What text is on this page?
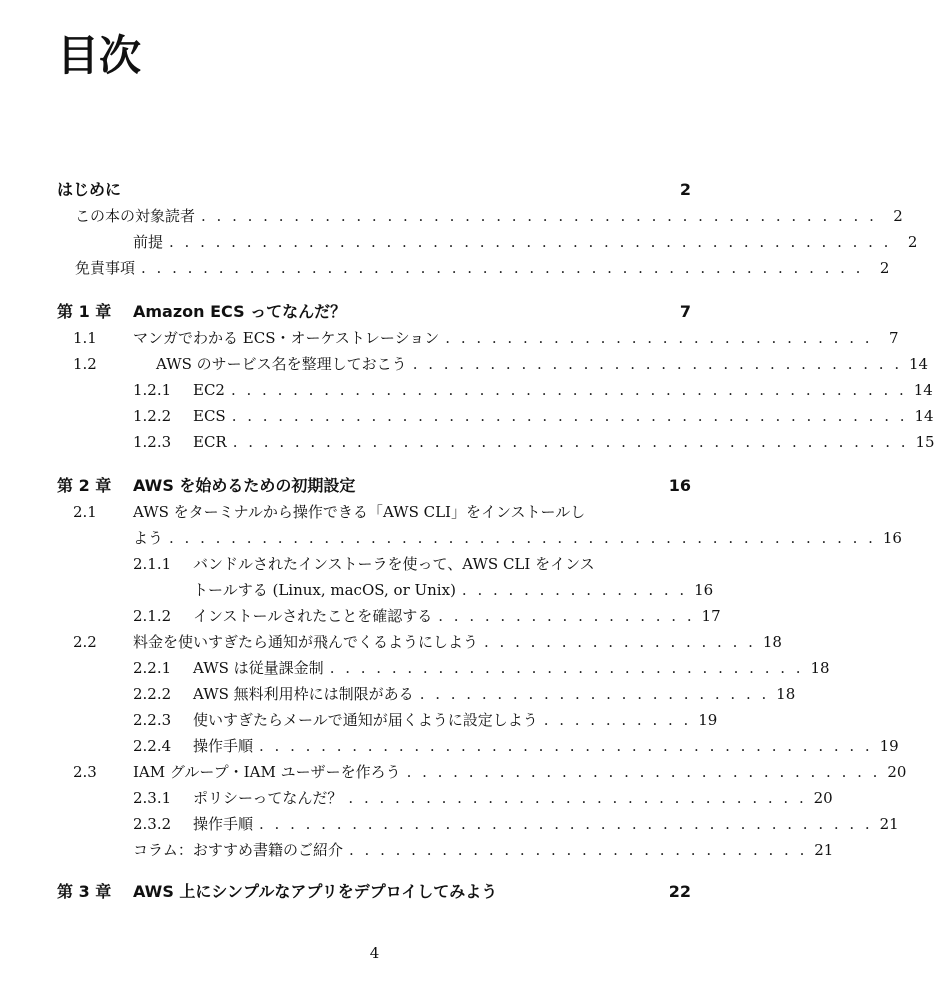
目次
はじめに	2
この本の対象読者 . . . . . . . . . . . . . . . . . . . . . . . . . . . . . . . . . . . . . . . . . . . .	2
前提 . . . . . . . . . . . . . . . . . . . . . . . . . . . . . . . . . . . . . . . . . . . . . . .	2
免責事項 . . . . . . . . . . . . . . . . . . . . . . . . . . . . . . . . . . . . . . . . . . . . . . .	2
第 1 章	Amazon ECS ってなんだ？	7
1.1	マンガでわかる ECS・オーケストレーション . . . . . . . . . . . . . . . . . . . . . . . . . . . .	7
1.2	AWS のサービス名を整理しておこう . . . . . . . . . . . . . . . . . . . . . . . . . . . . . . . . 14
1.2.1	EC2 . . . . . . . . . . . . . . . . . . . . . . . . . . . . . . . . . . . . . . . . . . . . 14
1.2.2	ECS . . . . . . . . . . . . . . . . . . . . . . . . . . . . . . . . . . . . . . . . . . . . 14
1.2.3	ECR . . . . . . . . . . . . . . . . . . . . . . . . . . . . . . . . . . . . . . . . . . . . 15
第 2 章	AWS を始めるための初期設定	16
2.1	AWS をターミナルから操作できる「AWS CLI」をインストールし
よう . . . . . . . . . . . . . . . . . . . . . . . . . . . . . . . . . . . . . . . . . . . . . . 16
2.1.1	バンドルされたインストーラを使って、AWS CLI をインス
トールする (Linux, macOS, or Unix) . . . . . . . . . . . . . . . 16
2.1.2	インストールされたことを確認する . . . . . . . . . . . . . . . . . 17
2.2	料金を使いすぎたら通知が飛んでくるようにしよう . . . . . . . . . . . . . . . . . . 18
2.2.1	AWS は従量課金制 . . . . . . . . . . . . . . . . . . . . . . . . . . . . . . . 18
2.2.2	AWS 無料利用枠には制限がある . . . . . . . . . . . . . . . . . . . . . . . 18
2.2.3	使いすぎたらメールで通知が届くように設定しよう . . . . . . . . . . 19
2.2.4	操作手順 . . . . . . . . . . . . . . . . . . . . . . . . . . . . . . . . . . . . . . . . 19
2.3	IAM グループ・IAM ユーザーを作ろう . . . . . . . . . . . . . . . . . . . . . . . . . . . . . . . 20
2.3.1	ポリシーってなんだ？ . . . . . . . . . . . . . . . . . . . . . . . . . . . . . . 20
2.3.2	操作手順 . . . . . . . . . . . . . . . . . . . . . . . . . . . . . . . . . . . . . . . . 21
コラム：おすすめ書籍のご紹介 . . . . . . . . . . . . . . . . . . . . . . . . . . . . . . 21
第 3 章	AWS 上にシンプルなアプリをデプロイしてみよう	22
4
